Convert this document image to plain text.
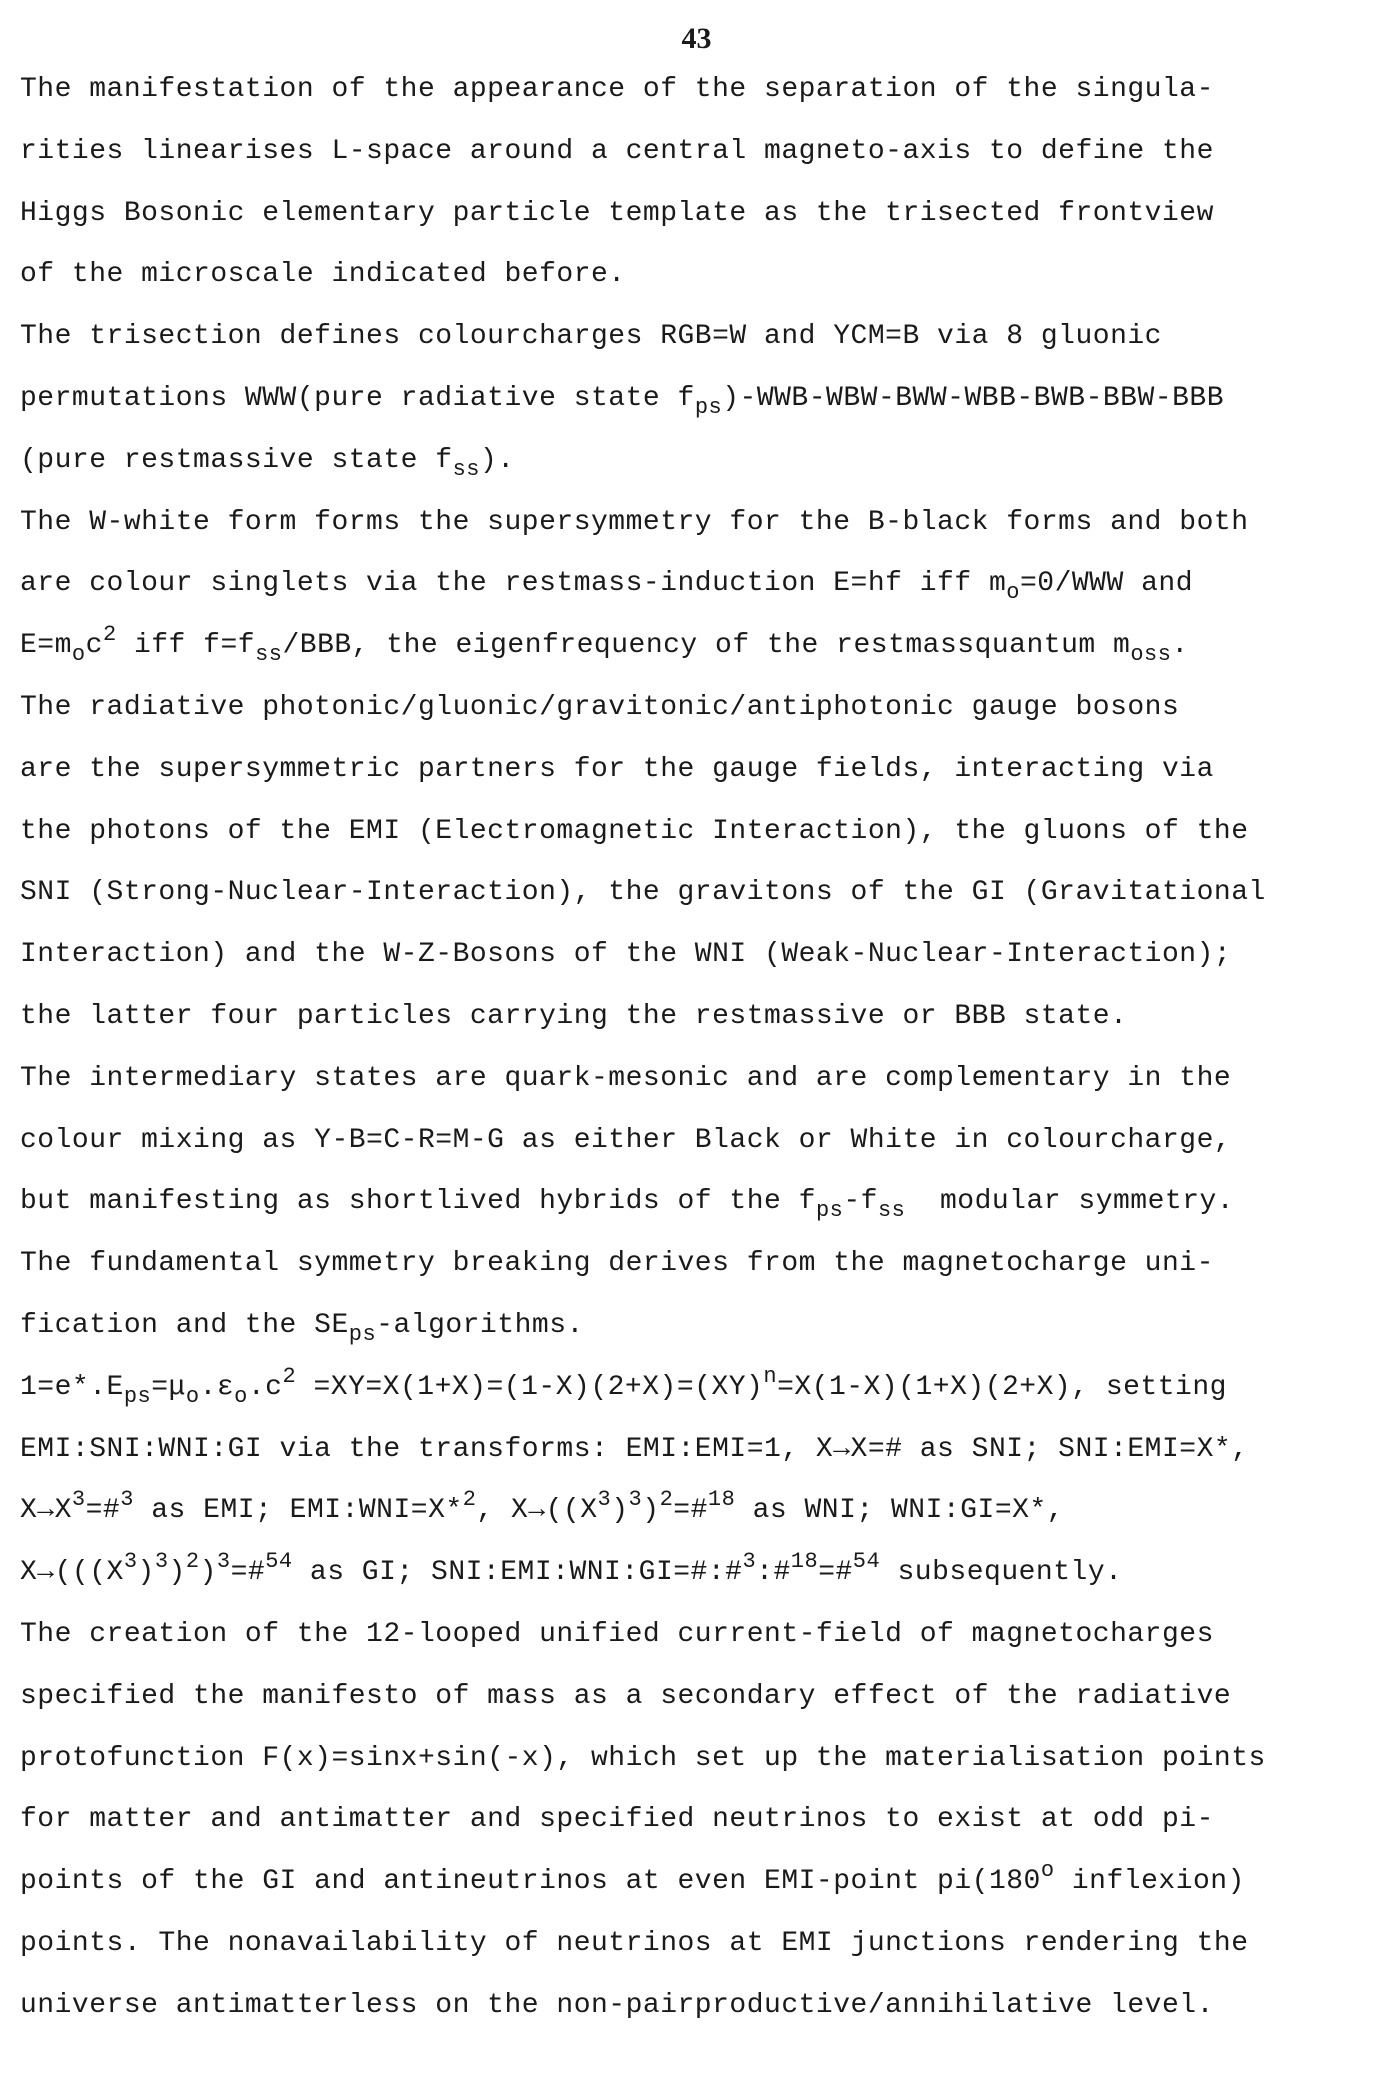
43
The manifestation of the appearance of the separation of the singula-
rities linearises L-space around a central magneto-axis to define the
Higgs Bosonic elementary particle template as the trisected frontview
of the microscale indicated before.
The trisection defines colourcharges RGB=W and YCM=B via 8 gluonic
permutations WWW(pure radiative state $f_{ps})-WWB-WBW-BWW-WBB-BWB-BBW$-BBB
(pure restmassive state $f_{ss}$).
The W-white form forms the supersymmetry for the B-black forms and both
are colour singlets via the restmass-induction E=hf iff $m_o=0$/WWW and
$E=m_oc^2$ iff $f=f_{ss}$/BBB, the eigenfrequency of the restmassquantum $m_{oss}$.
The radiative photonic/gluonic/gravitonic/antiphotonic gauge bosons
are the supersymmetric partners for the gauge fields, interacting via
the photons of the EMI (Electromagnetic Interaction), the gluons of the
SNI (Strong-Nuclear-Interaction), the gravitons of the GI (Gravitational
Interaction) and the W-Z-Bosons of the WNI (Weak-Nuclear-Interaction);
the latter four particles carrying the restmassive or BBB state.
The intermediary states are quark-mesonic and are complementary in the
colour mixing as Y-B=C-R=M-G as either Black or White in colourcharge,
but manifesting as shortlived hybrids of the $f_{ps}-f_{ss}$  modular symmetry.
The fundamental symmetry breaking derives from the magnetocharge uni-
fication and the $SE_{ps}$-algorithms.
$1=e*.E_{ps}=\mu_o.\varepsilon_o.c^2 =XY=X(1+X)=(1-X)(2+X)=(XY)^n=X(1-X)(1+X)(2+X)$, setting
EMI:SNI:WNI:GI via the transforms: EMI:EMI=1, X→X=# as SNI; SNI:EMI=X*,
$X\to X^3=\#^3$ as EMI; EMI:WNI=X*$^2$, $X\to((X^3)^3)^2=\#^{18}$ as WNI; WNI:GI=X*,
$X\to(((X^3)^3)^2)^3=\#^{54}$ as GI; SNI:EMI:WNI:GI=#:#$^3$:#$^{18}$=#$^{54}$ subsequently.
The creation of the 12-looped unified current-field of magnetocharges
specified the manifesto of mass as a secondary effect of the radiative
protofunction F(x)=sinx+sin(-x), which set up the materialisation points
for matter and antimatter and specified neutrinos to exist at odd pi-
points of the GI and antineutrinos at even EMI-point pi(180$^o$ inflexion)
points. The nonavailability of neutrinos at EMI junctions rendering the
universe antimatterless on the non-pairproductive/annihilative level.
